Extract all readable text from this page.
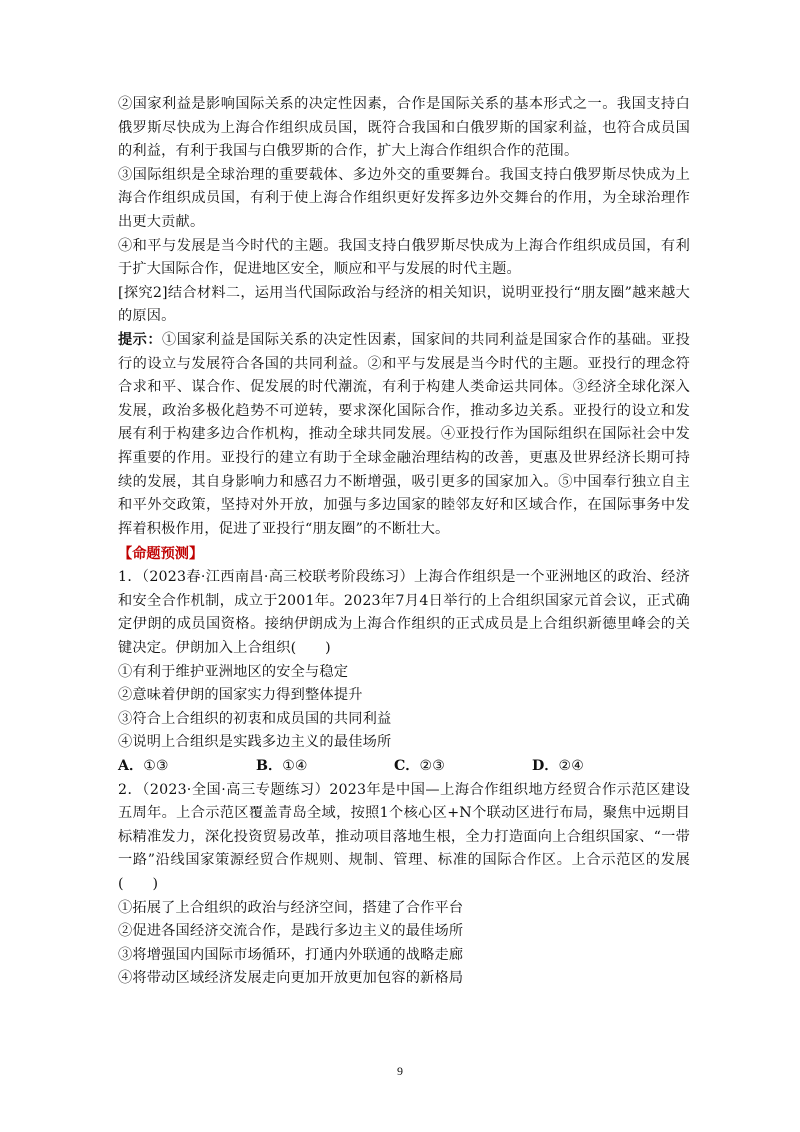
②国家利益是影响国际关系的决定性因素，合作是国际关系的基本形式之一。我国支持白俄罗斯尽快成为上海合作组织成员国，既符合我国和白俄罗斯的国家利益，也符合成员国的利益，有利于我国与白俄罗斯的合作，扩大上海合作组织合作的范围。

③国际组织是全球治理的重要载体、多边外交的重要舞台。我国支持白俄罗斯尽快成为上海合作组织成员国，有利于使上海合作组织更好发挥多边外交舞台的作用，为全球治理作出更大贡献。

④和平与发展是当今时代的主题。我国支持白俄罗斯尽快成为上海合作组织成员国，有利于扩大国际合作，促进地区安全，顺应和平与发展的时代主题。

[探究2]结合材料二，运用当代国际政治与经济的相关知识，说明亚投行“朋友圈”越来越大的原因。

提示：①国家利益是国际关系的决定性因素，国家间的共同利益是国家合作的基础。亚投行的设立与发展符合各国的共同利益。②和平与发展是当今时代的主题。亚投行的理念符合求和平、谋合作、促发展的时代潮流，有利于构建人类命运共同体。③经济全球化深入发展，政治多极化趋势不可逆转，要求深化国际合作，推动多边关系。亚投行的设立和发展有利于构建多边合作机构，推动全球共同发展。④亚投行作为国际组织在国际社会中发挥重要的作用。亚投行的建立有助于全球金融治理结构的改善，更惠及世界经济长期可持续的发展，其自身影响力和感召力不断增强，吸引更多的国家加入。⑤中国奉行独立自主和平外交政策，坚持对外开放，加强与多边国家的睦邻友好和区域合作，在国际事务中发挥着积极作用，促进了亚投行“朋友圈”的不断壮大。

【命题预测】

1．（2023春·江西南昌·高三校联考阶段练习）上海合作组织是一个亚洲地区的政治、经济和安全合作机制，成立于2001年。2023年7月4日举行的上合组织国家元首会议，正式确定伊朗的成员国资格。接纳伊朗成为上海合作组织的正式成员是上合组织新德里峰会的关键决定。伊朗加入上合组织(　　)

①有利于维护亚洲地区的安全与稳定

②意味着伊朗的国家实力得到整体提升

③符合上合组织的初衷和成员国的共同利益

④说明上合组织是实践多边主义的最佳场所

A．①③	B．①④	C．②③	D．②④

2．（2023·全国·高三专题练习）2023年是中国—上海合作组织地方经贸合作示范区建设五周年。上合示范区覆盖青岛全域，按照1个核心区+N个联动区进行布局，聚焦中远期目标精准发力，深化投资贸易改革，推动项目落地生根，全力打造面向上合组织国家、“一带一路”沿线国家策源经贸合作规则、规制、管理、标准的国际合作区。上合示范区的发展(　　)

①拓展了上合组织的政治与经济空间，搭建了合作平台

②促进各国经济交流合作，是践行多边主义的最佳场所

③将增强国内国际市场循环，打通内外联通的战略走廊

④将带动区域经济发展走向更加开放更加包容的新格局

9
